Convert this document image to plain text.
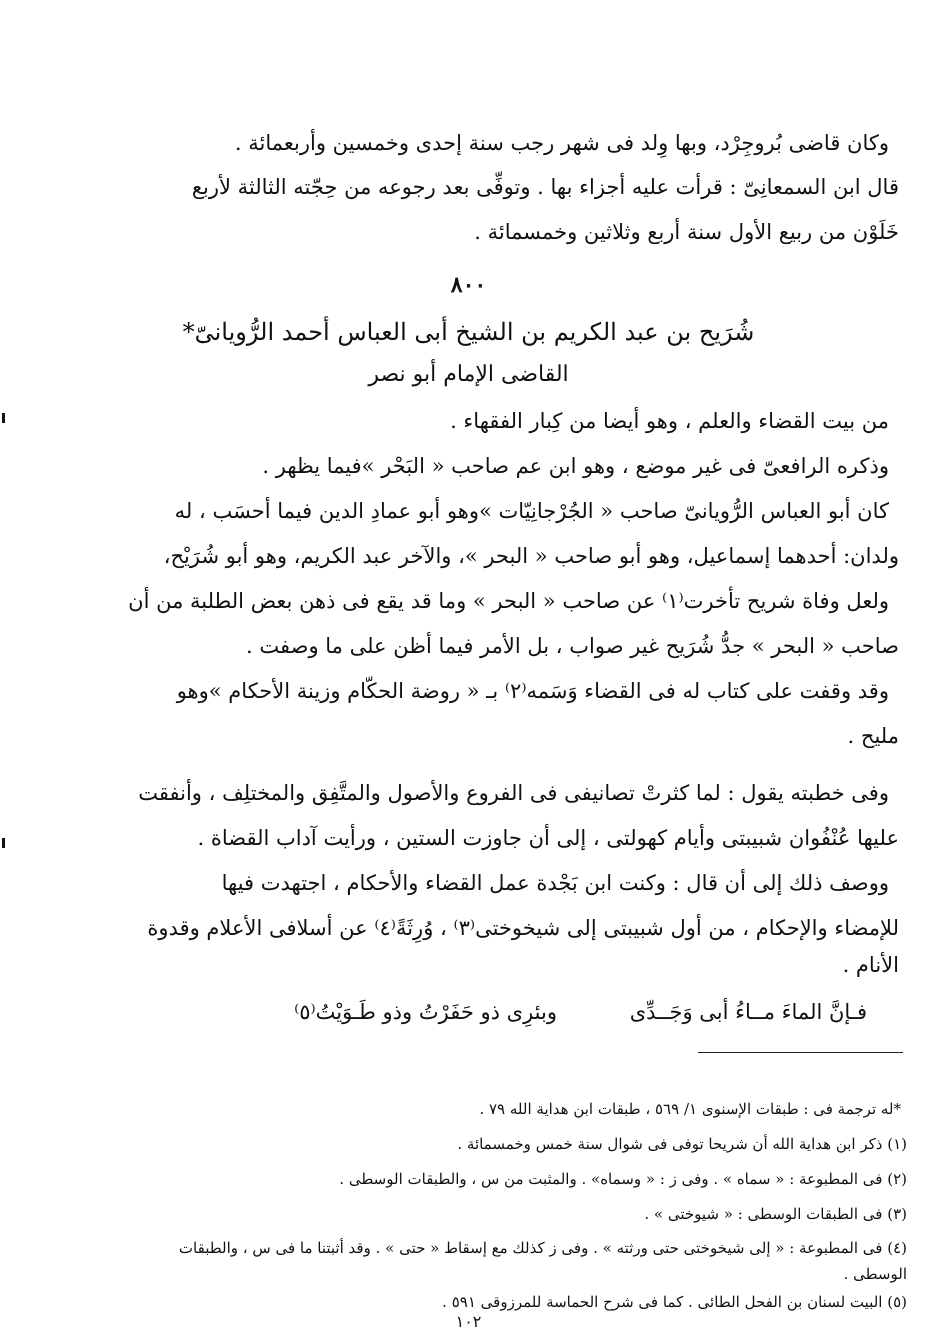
وكان قاضى بُروجِرْد، وبها وِلد فى شهر رجب سنة إحدى وخمسين وأربعمائة .
قال ابن السمعانِىّ : قرأت عليه أجزاء بها . وتوفِّى بعد رجوعه من حِجّته الثالثة لأربع
خَلَوْن من ربيع الأول سنة أربع وثلاثين وخمسمائة .
٨٠٠
شُرَيح بن عبد الكريم بن الشيخ أبى العباس أحمد الرُّويانىّ*
القاضى الإمام أبو نصر
من بيت القضاء والعلم ، وهو أيضا من كِبار الفقهاء .
وذكره الرافعىّ فى غير موضع ، وهو ابن عم صاحب « البَحْر »فيما يظهر .
كان أبو العباس الرُّويانىّ صاحب « الجُرْجانِيّات »وهو أبو عمادِ الدين فيما أحسَب ، له
ولدان: أحدهما إسماعيل، وهو أبو صاحب « البحر »، والآخر عبد الكريم، وهو أبو شُرَيْح،
ولعل وفاة شريح تأخرت⁽١⁾ عن صاحب « البحر » وما قد يقع فى ذهن بعض الطلبة من أن
صاحب « البحر » جدُّ شُرَيح غير صواب ، بل الأمر فيما أظن على ما وصفت .
وقد وقفت على كتاب له فى القضاء وَسَمه⁽٢⁾ بـ « روضة الحكّام وزينة الأحكام »وهو
مليح .
وفى خطبته يقول : لما كثرتْ تصانيفى فى الفروع والأصول والمتَّفِق والمختلِف ، وأنفقت
عليها عُنْفُوان شبيبتى وأيام كهولتى ، إلى أن جاوزت الستين ، ورأيت آداب القضاة .
ووصف ذلك إلى أن قال : وكنت ابن بَجْدة عمل القضاء والأحكام ، اجتهدت فيها
للإمضاء والإحكام ، من أول شبيبتى إلى شيخوختى⁽٣⁾ ، وُرِثَةً⁽٤⁾ عن أسلافى الأعلام وقدوة
الأنام .
فـإنَّ الماءَ مــاءُ أبى وَجَــدِّى
وبئرِى ذو حَفَرْتُ وذو طَـوَيْتُ⁽٥⁾
*له ترجمة فى : طبقات الإسنوى ١/ ٥٦٩ ، طبقات ابن هداية الله ٧٩ .
(١) ذكر ابن هداية الله أن شريحا توفى فى شوال سنة خمس وخمسمائة .
(٢) فى المطبوعة : « سماه » . وفى ز : « وسماه» . والمثبت من س ، والطبقات الوسطى .
(٣) فى الطبقات الوسطى : « شيوختى » .
(٤) فى المطبوعة : « إلى شيخوختى حتى ورثته » . وفى ز كذلك مع إسقاط « حتى » . وقد أثبتنا ما فى س ، والطبقات
الوسطى .
(٥) البيت لسنان بن الفحل الطائى . كما فى شرح الحماسة للمرزوقى ٥٩١ .
١٠٢
